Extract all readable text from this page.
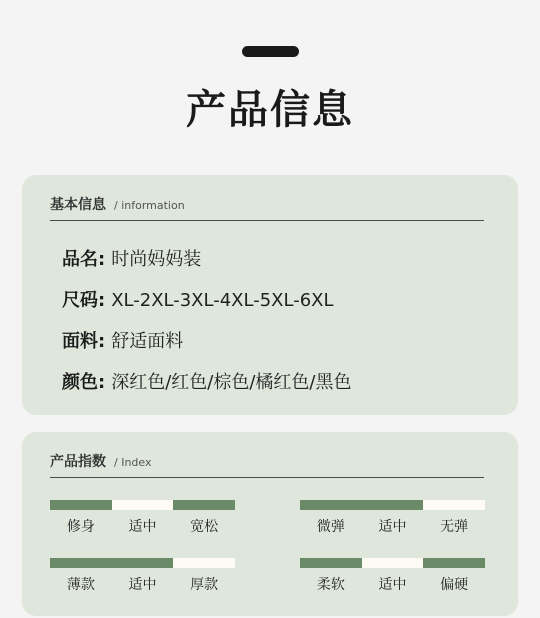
产品信息
基本信息 / information
品名: 时尚妈妈装
尺码: XL-2XL-3XL-4XL-5XL-6XL
面料: 舒适面料
颜色: 深红色/红色/棕色/橘红色/黑色
产品指数 / Index
修身	适中	宽松	微弹	适中	无弹
薄款	适中	厚款	柔软	适中	偏硬
